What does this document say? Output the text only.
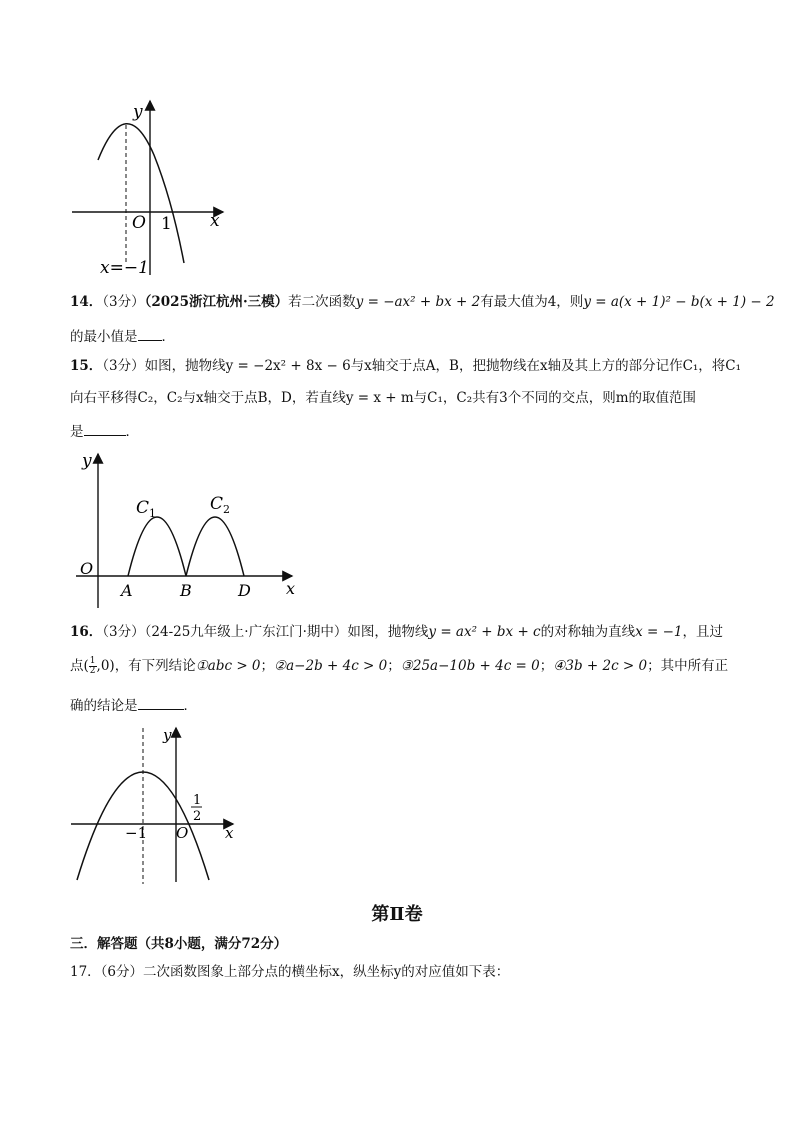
y
x
O 1
x=−1
14．（3分）（2025浙江杭州·三模）若二次函数y = −ax² + bx + 2有最大值为4，则y = a(x + 1)² − b(x + 1) − 2
的最小值是 ．
15．（3分）如图，抛物线y = −2x² + 8x − 6与x轴交于点A，B，把抛物线在x轴及其上方的部分记作C₁，将C₁
向右平移得C₂，C₂与x轴交于点B，D，若直线y = x + m与C₁，C₂共有3个不同的交点，则m的取值范围
是	．
y
x
O
A	B	D
$C_1$	$C_2$
16．（3分）（24-25九年级上·广东江门·期中）如图，抛物线y = ax² + bx + c的对称轴为直线x = −1，且过
点( $\frac{1}{2} ,0$)，有下列结论①abc > 0；②a−2b + 4c > 0；③25a−10b + 4c = 0；④3b + 2c > 0；其中所有正
确的结论是	．
y
x
O
−1
1
2
第Ⅱ卷
三．解答题（共8小题，满分72分）
17．（6分）二次函数图象上部分点的横坐标x，纵坐标y的对应值如下表：
